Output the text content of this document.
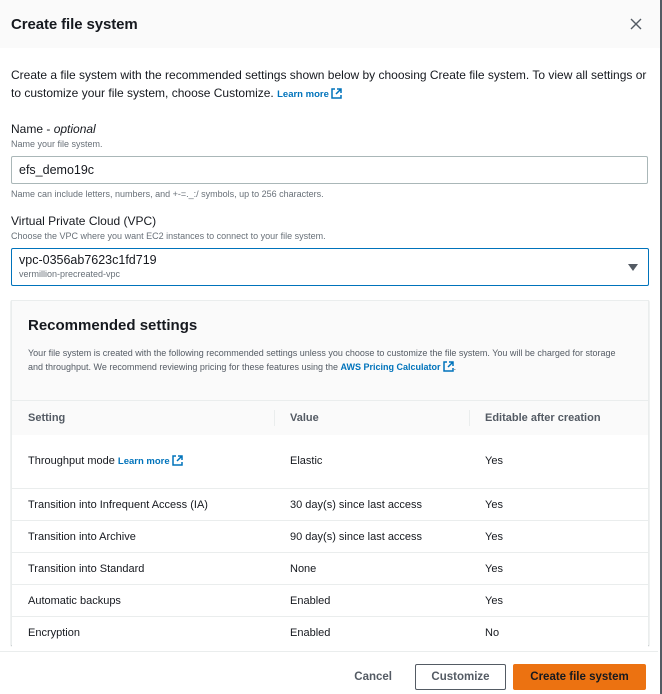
Create file system

Create a file system with the recommended settings shown below by choosing Create file system. To view all settings or to customize your file system, choose Customize. Learn more

Name - optional
Name your file system.
efs_demo19c
Name can include letters, numbers, and +-=._:/ symbols, up to 256 characters.
Virtual Private Cloud (VPC)
Choose the VPC where you want EC2 instances to connect to your file system.
vpc-0356ab7623c1fd719
vermillion-precreated-vpc
Recommended settings

Your file system is created with the following recommended settings unless you choose to customize the file system. You will be charged for storage and throughput. We recommend reviewing pricing for these features using the AWS Pricing Calculator .

Setting	Value	Editable after creation
Throughput mode Learn more	Elastic	Yes
Transition into Infrequent Access (IA)	30 day(s) since last access	Yes
Transition into Archive	90 day(s) since last access	Yes
Transition into Standard	None	Yes
Automatic backups	Enabled	Yes
Encryption	Enabled	No
Cancel	Customize	Create file system
